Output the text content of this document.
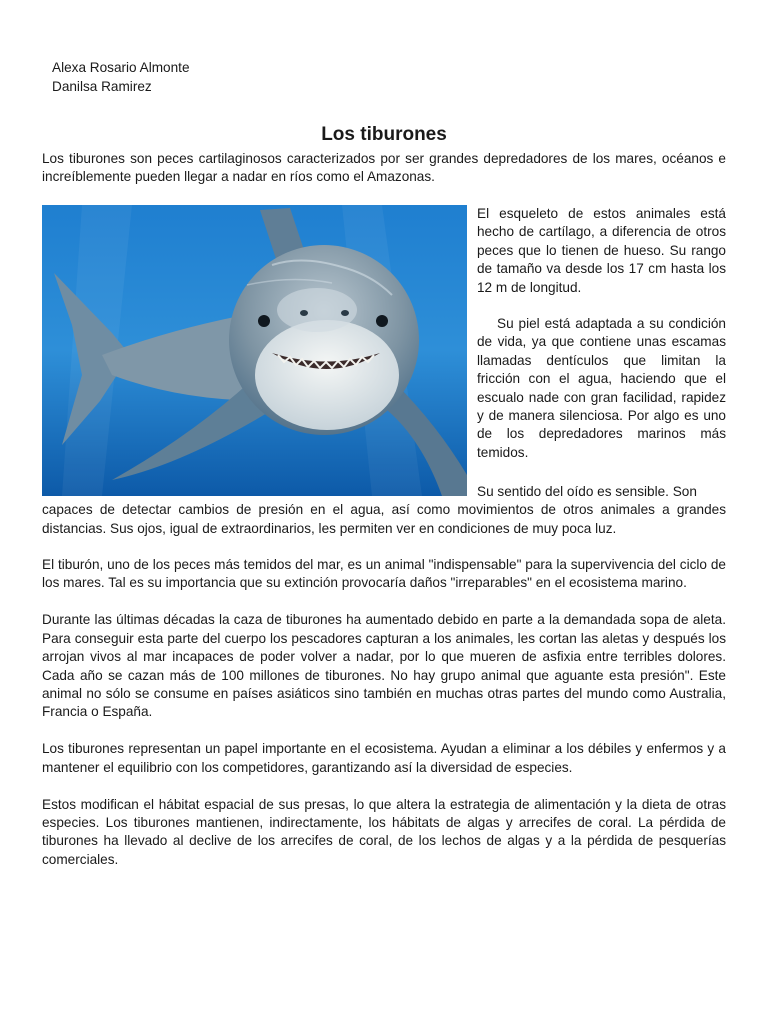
Alexa Rosario Almonte
Danilsa Ramirez
Los tiburones
Los tiburones son peces cartilaginosos caracterizados por ser grandes depredadores de los mares, océanos e increíblemente pueden llegar a nadar en ríos como el Amazonas.

El esqueleto de estos animales está hecho de cartílago, a diferencia de otros peces que lo tienen de hueso. Su rango de tamaño va desde los 17 cm hasta los 12 m de longitud.

Su piel está adaptada a su condición de vida, ya que contiene unas escamas llamadas dentículos que limitan la fricción con el agua, haciendo que el escualo nade con gran facilidad, rapidez y de manera silenciosa. Por algo es uno de los depredadores marinos más temidos.

Su sentido del oído es sensible. Son
capaces de detectar cambios de presión en el agua, así como movimientos de otros animales a grandes distancias. Sus ojos, igual de extraordinarios, les permiten ver en condiciones de muy poca luz.

El tiburón, uno de los peces más temidos del mar, es un animal "indispensable" para la supervivencia del ciclo de los mares. Tal es su importancia que su extinción provocaría daños "irreparables" en el ecosistema marino.

Durante las últimas décadas la caza de tiburones ha aumentado debido en parte a la demandada sopa de aleta. Para conseguir esta parte del cuerpo los pescadores capturan a los animales, les cortan las aletas y después los arrojan vivos al mar incapaces de poder volver a nadar, por lo que mueren de asfixia entre terribles dolores. Cada año se cazan más de 100 millones de tiburones. No hay grupo animal que aguante esta presión". Este animal no sólo se consume en países asiáticos sino también en muchas otras partes del mundo como Australia, Francia o España.

Los tiburones representan un papel importante en el ecosistema. Ayudan a eliminar a los débiles y enfermos y a mantener el equilibrio con los competidores, garantizando así la diversidad de especies.

Estos modifican el hábitat espacial de sus presas, lo que altera la estrategia de alimentación y la dieta de otras especies. Los tiburones mantienen, indirectamente, los hábitats de algas y arrecifes de coral. La pérdida de tiburones ha llevado al declive de los arrecifes de coral, de los lechos de algas y a la pérdida de pesquerías comerciales.
